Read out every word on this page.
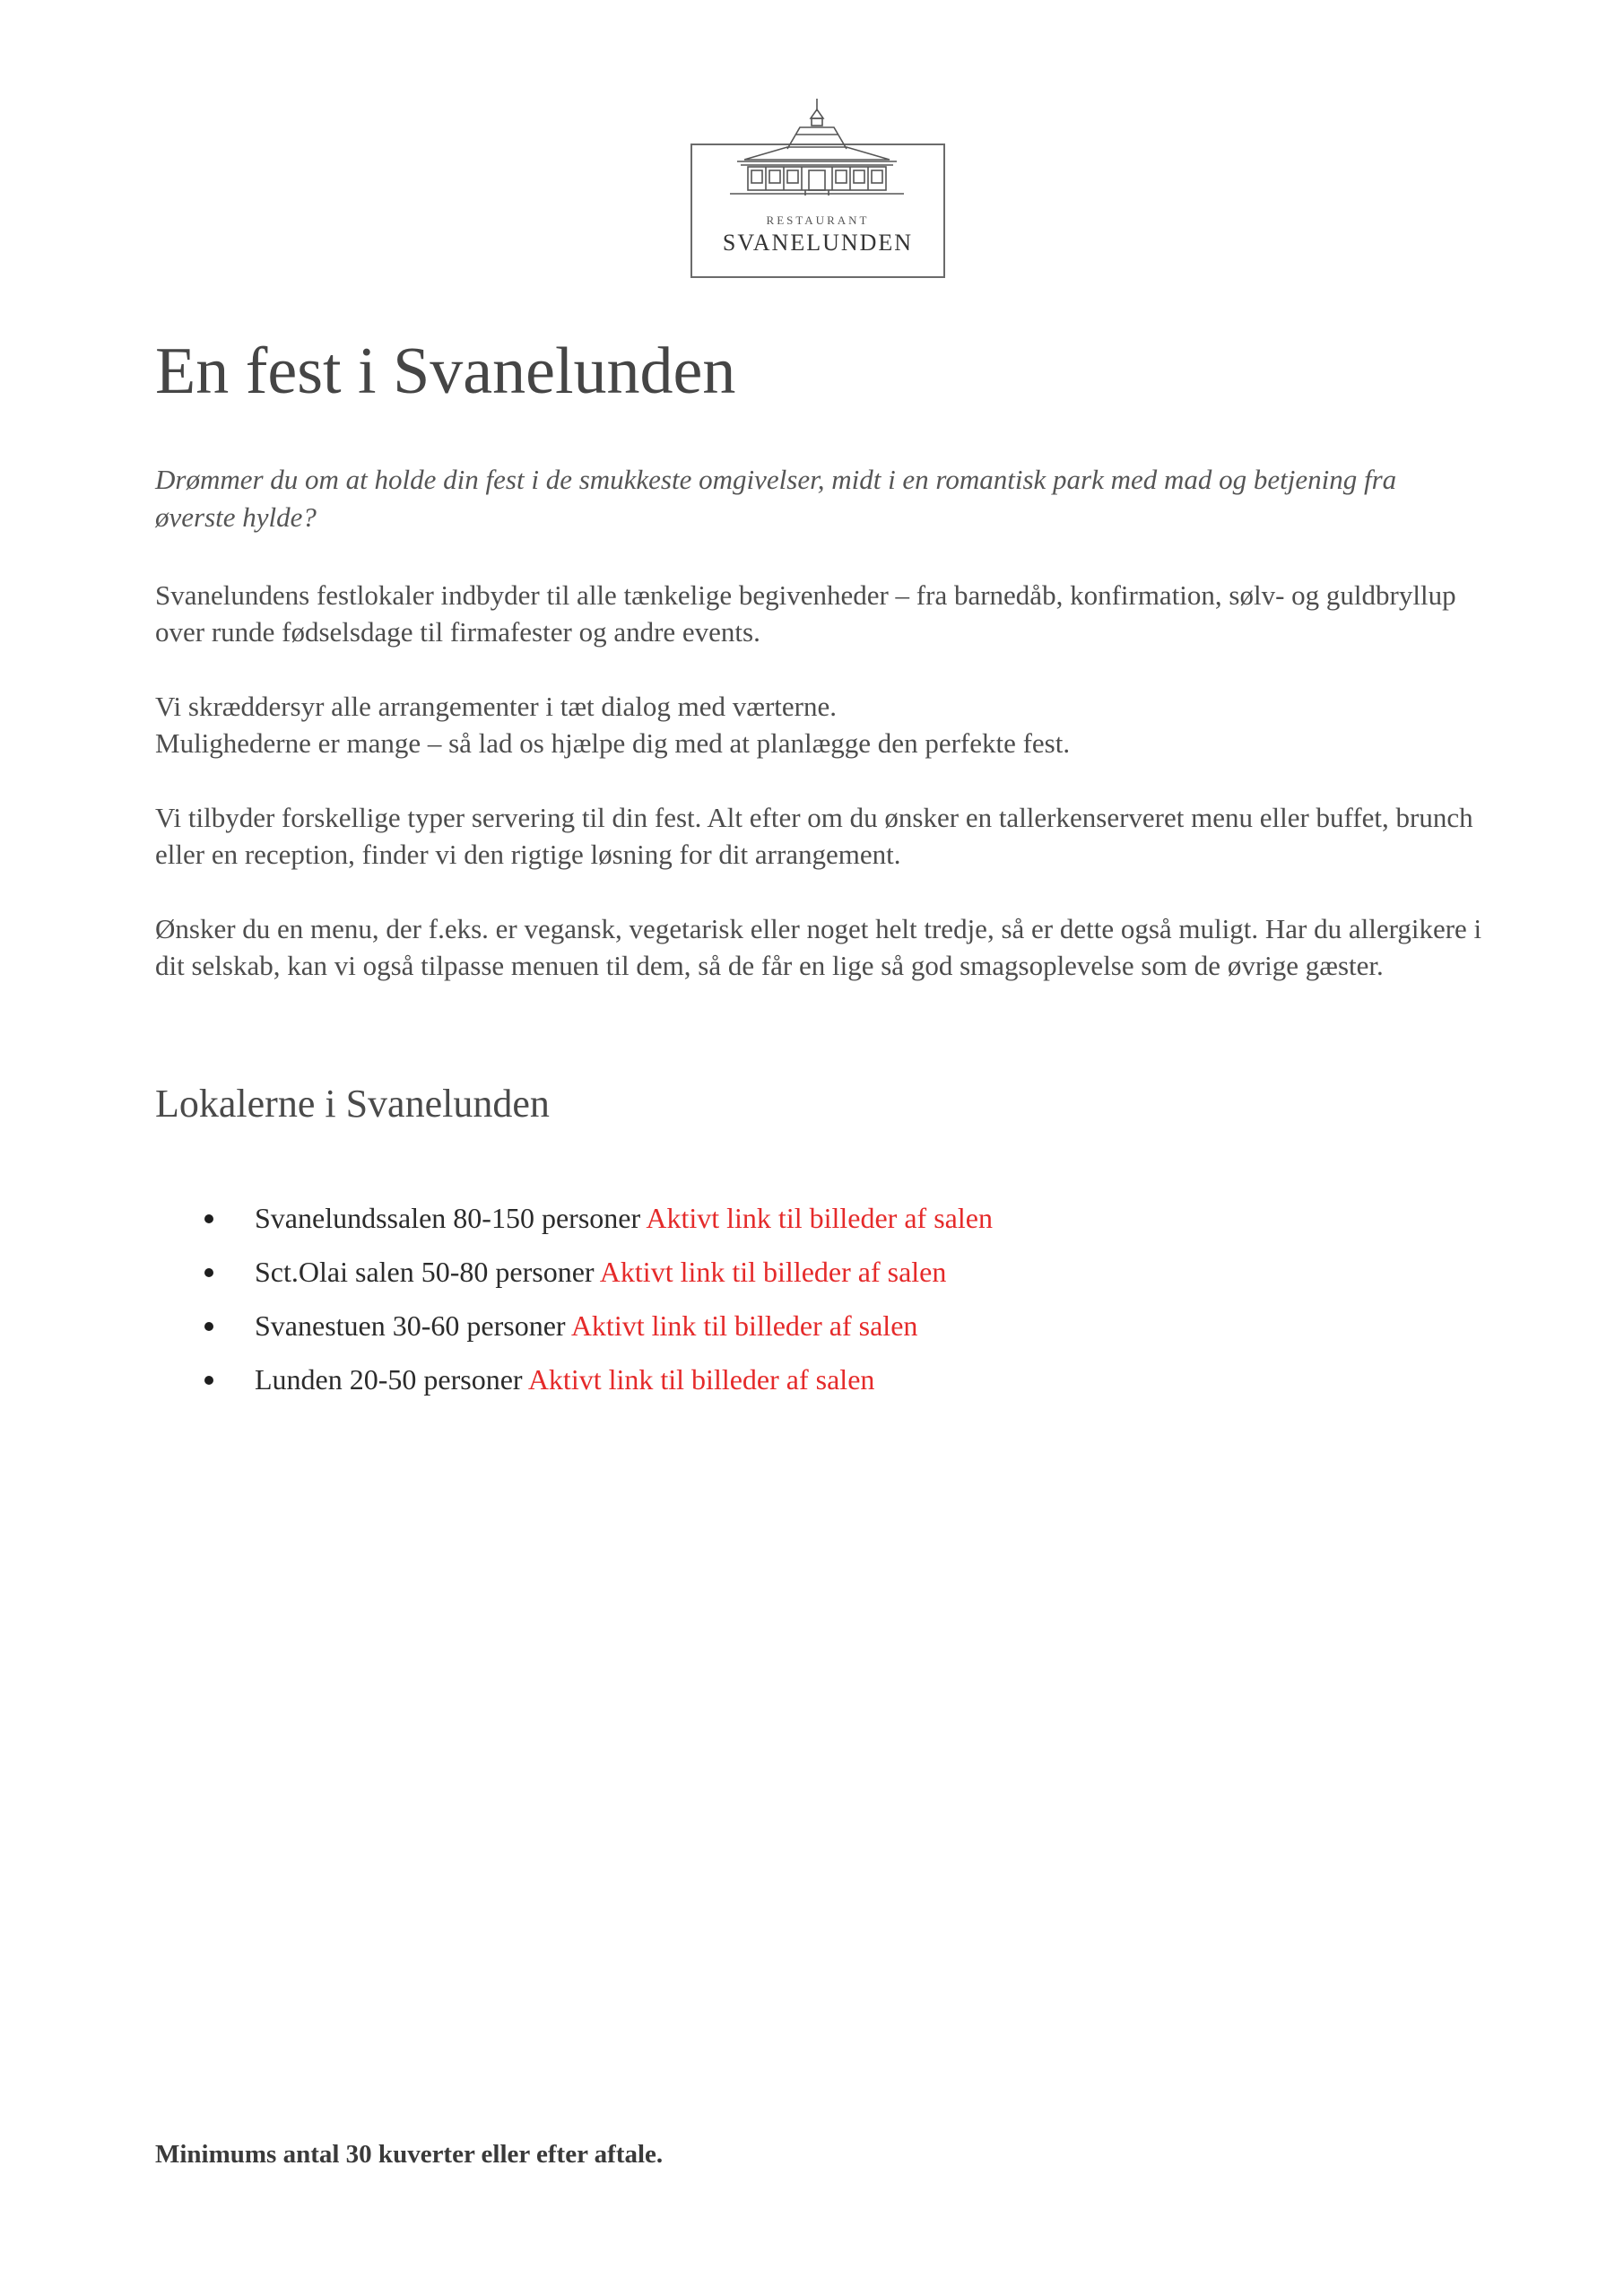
RESTAURANT
SVANELUNDEN
En fest i Svanelunden

Drømmer du om at holde din fest i de smukkeste omgivelser, midt i en romantisk park med mad og betjening fra øverste hylde?

Svanelundens festlokaler indbyder til alle tænkelige begivenheder – fra barnedåb, konfirmation, sølv- og guldbryllup over runde fødselsdage til firmafester og andre events.

Vi skræddersyr alle arrangementer i tæt dialog med værterne.
Mulighederne er mange – så lad os hjælpe dig med at planlægge den perfekte fest.

Vi tilbyder forskellige typer servering til din fest. Alt efter om du ønsker en tallerkenserveret menu eller buffet, brunch eller en reception, finder vi den rigtige løsning for dit arrangement.

Ønsker du en menu, der f.eks. er vegansk, vegetarisk eller noget helt tredje, så er dette også muligt. Har du allergikere i dit selskab, kan vi også tilpasse menuen til dem, så de får en lige så god smagsoplevelse som de øvrige gæster.

Lokalerne i Svanelunden
Svanelundssalen 80-150 personer Aktivt link til billeder af salen
Sct.Olai salen 50-80 personer Aktivt link til billeder af salen
Svanestuen 30-60 personer Aktivt link til billeder af salen
Lunden 20-50 personer Aktivt link til billeder af salen

Minimums antal 30 kuverter eller efter aftale.
